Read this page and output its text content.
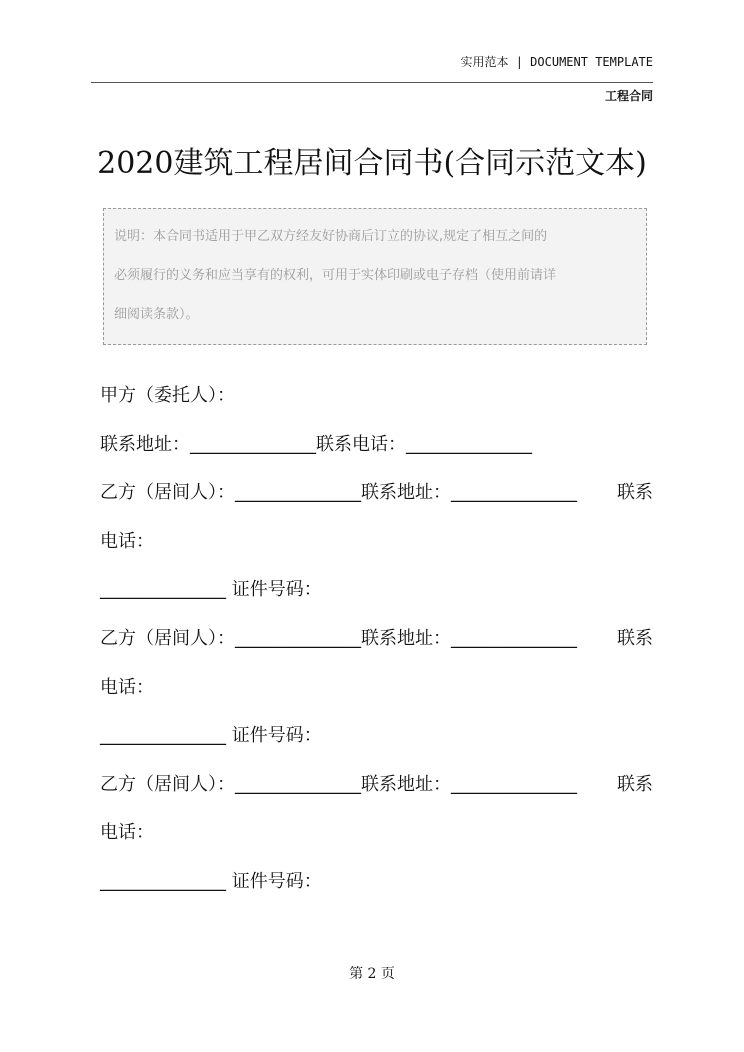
实用范本 | DOCUMENT TEMPLATE
工程合同
2020建筑工程居间合同书(合同示范文本)

说明：本合同书适用于甲乙双方经友好协商后订立的协议,规定了相互之间的

必须履行的义务和应当享有的权利，可用于实体印刷或电子存档（使用前请详

细阅读条款）。

甲方（委托人）：
联系地址：______________联系电话：______________
乙方（居间人）：______________联系地址：______________ 联系
电话：
______________ 证件号码：
乙方（居间人）：______________联系地址：______________ 联系
电话：
______________ 证件号码：
乙方（居间人）：______________联系地址：______________ 联系
电话：
______________ 证件号码：
第 2 页
